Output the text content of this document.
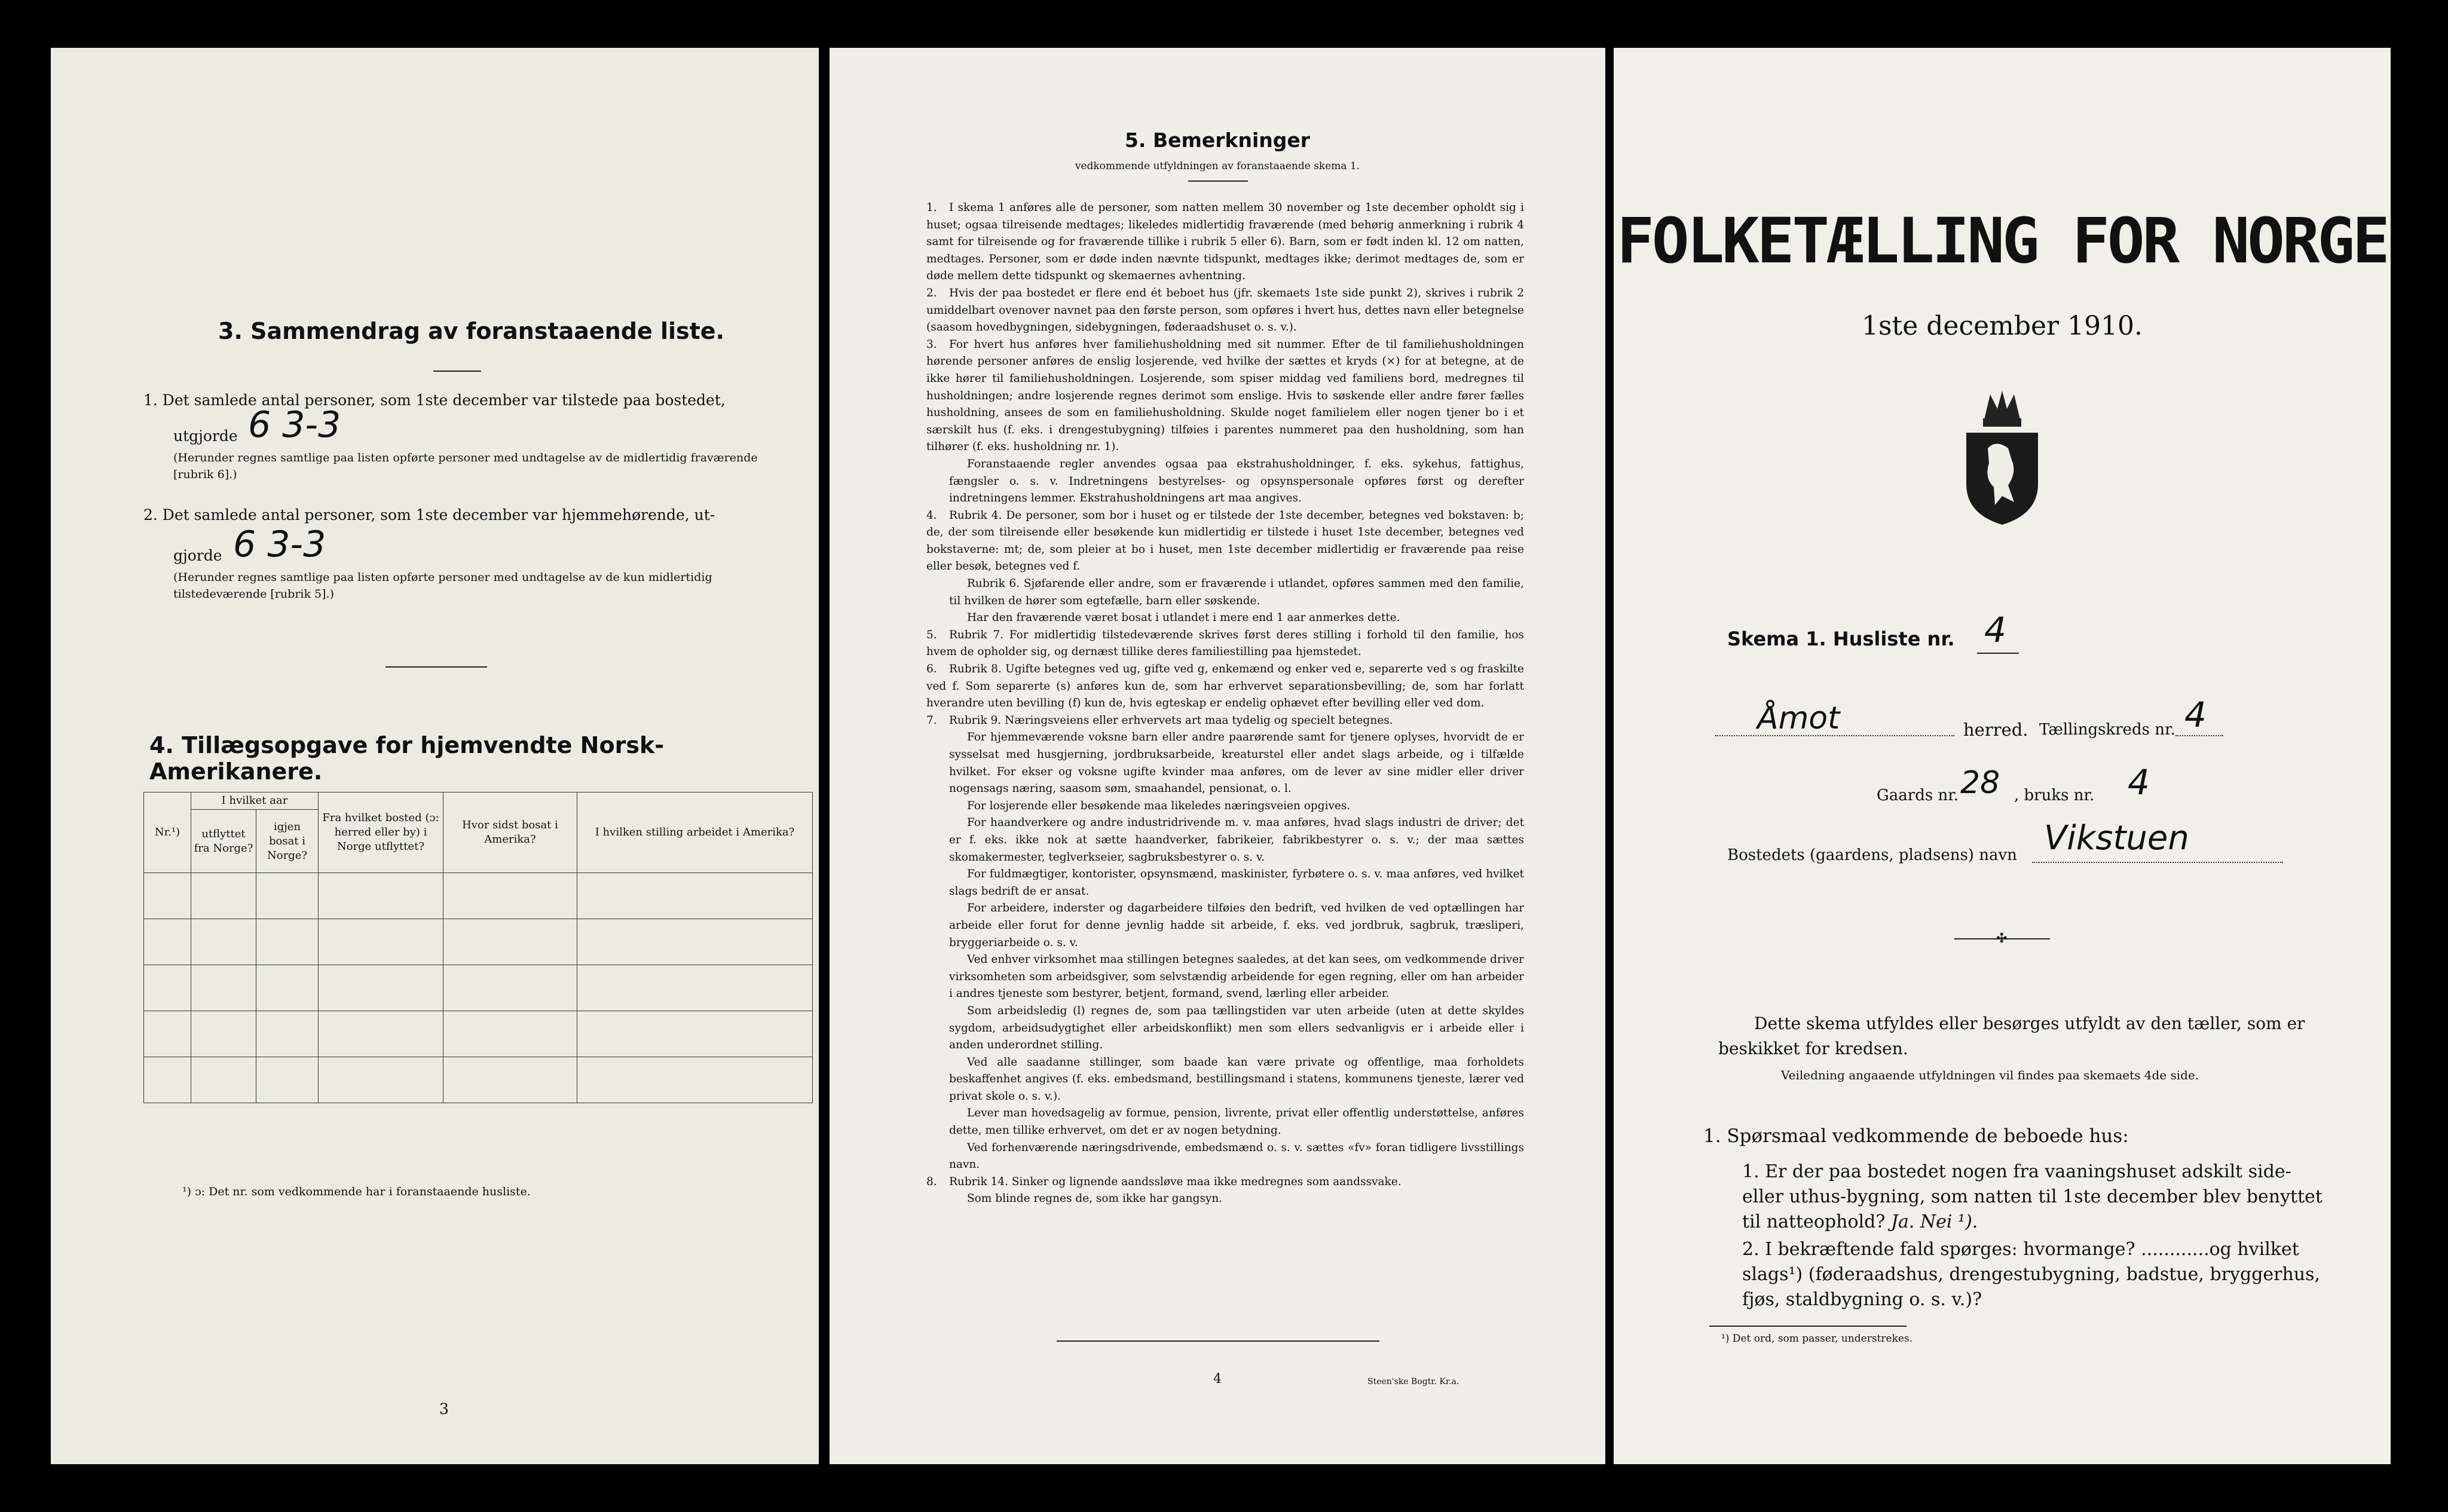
3. Sammendrag av foranstaaende liste.
1. Det samlede antal personer, som 1ste december var tilstede paa bostedet,
utgjorde 6 3-3
(Herunder regnes samtlige paa listen opførte personer med undtagelse av de midlertidig fraværende [rubrik 6].)
2. Det samlede antal personer, som 1ste december var hjemmehørende, ut-
gjorde 6 3-3
(Herunder regnes samtlige paa listen opførte personer med undtagelse av de kun midlertidig tilstedeværende [rubrik 5].)
4. Tillægsopgave for hjemvendte Norsk-Amerikanere.
Nr.¹)	I hvilket aar		Fra hvilket bosted (ɔ: herred eller by) i Norge utflyttet?	Hvor sidst bosat i Amerika?	I hvilken stilling arbeidet i Amerika?
	utflyttet fra Norge?	igjen bosat i Norge?			

¹) ɔ: Det nr. som vedkommende har i foranstaaende husliste.
3
5. Bemerkninger
vedkommende utfyldningen av foranstaaende skema 1.

1. I skema 1 anføres alle de personer, som natten mellem 30 november og 1ste december opholdt sig i huset; ogsaa tilreisende medtages; likeledes midlertidig fraværende (med behørig anmerkning i rubrik 4 samt for tilreisende og for fraværende tillike i rubrik 5 eller 6). Barn, som er født inden kl. 12 om natten, medtages. Personer, som er døde inden nævnte tidspunkt, medtages ikke; derimot medtages de, som er døde mellem dette tidspunkt og skemaernes avhentning.

2. Hvis der paa bostedet er flere end ét beboet hus (jfr. skemaets 1ste side punkt 2), skrives i rubrik 2 umiddelbart ovenover navnet paa den første person, som opføres i hvert hus, dettes navn eller betegnelse (saasom hovedbygningen, sidebygningen, føderaadshuset o. s. v.).

3. For hvert hus anføres hver familiehusholdning med sit nummer. Efter de til familiehusholdningen hørende personer anføres de enslig losjerende, ved hvilke der sættes et kryds (×) for at betegne, at de ikke hører til familiehusholdningen. Losjerende, som spiser middag ved familiens bord, medregnes til husholdningen; andre losjerende regnes derimot som enslige. Hvis to søskende eller andre fører fælles husholdning, ansees de som en familiehusholdning. Skulde noget familielem eller nogen tjener bo i et særskilt hus (f. eks. i drengestubygning) tilføies i parentes nummeret paa den husholdning, som han tilhører (f. eks. husholdning nr. 1).

Foranstaaende regler anvendes ogsaa paa ekstrahusholdninger, f. eks. sykehus, fattighus, fængsler o. s. v. Indretningens bestyrelses- og opsynspersonale opføres først og derefter indretningens lemmer. Ekstrahusholdningens art maa angives.

4. Rubrik 4. De personer, som bor i huset og er tilstede der 1ste december, betegnes ved bokstaven: b; de, der som tilreisende eller besøkende kun midlertidig er tilstede i huset 1ste december, betegnes ved bokstaverne: mt; de, som pleier at bo i huset, men 1ste december midlertidig er fraværende paa reise eller besøk, betegnes ved f.

Rubrik 6. Sjøfarende eller andre, som er fraværende i utlandet, opføres sammen med den familie, til hvilken de hører som egtefælle, barn eller søskende.

Har den fraværende været bosat i utlandet i mere end 1 aar anmerkes dette.

5. Rubrik 7. For midlertidig tilstedeværende skrives først deres stilling i forhold til den familie, hos hvem de opholder sig, og dernæst tillike deres familiestilling paa hjemstedet.

6. Rubrik 8. Ugifte betegnes ved ug, gifte ved g, enkemænd og enker ved e, separerte ved s og fraskilte ved f. Som separerte (s) anføres kun de, som har erhvervet separationsbevilling; de, som har forlatt hverandre uten bevilling (f) kun de, hvis egteskap er endelig ophævet efter bevilling eller ved dom.

7. Rubrik 9. Næringsveiens eller erhvervets art maa tydelig og specielt betegnes.

For hjemmeværende voksne barn eller andre paarørende samt for tjenere oplyses, hvorvidt de er sysselsat med husgjerning, jordbruksarbeide, kreaturstel eller andet slags arbeide, og i tilfælde hvilket. For ekser og voksne ugifte kvinder maa anføres, om de lever av sine midler eller driver nogensags næring, saasom søm, smaahandel, pensionat, o. l.

For losjerende eller besøkende maa likeledes næringsveien opgives.

For haandverkere og andre industridrivende m. v. maa anføres, hvad slags industri de driver; det er f. eks. ikke nok at sætte haandverker, fabrikeier, fabrikbestyrer o. s. v.; der maa sættes skomakermester, teglverkseier, sagbruksbestyrer o. s. v.

For fuldmægtiger, kontorister, opsynsmænd, maskinister, fyrbøtere o. s. v. maa anføres, ved hvilket slags bedrift de er ansat.

For arbeidere, inderster og dagarbeidere tilføies den bedrift, ved hvilken de ved optællingen har arbeide eller forut for denne jevnlig hadde sit arbeide, f. eks. ved jordbruk, sagbruk, træsliperi, bryggeriarbeide o. s. v.

Ved enhver virksomhet maa stillingen betegnes saaledes, at det kan sees, om vedkommende driver virksomheten som arbeidsgiver, som selvstændig arbeidende for egen regning, eller om han arbeider i andres tjeneste som bestyrer, betjent, formand, svend, lærling eller arbeider.

Som arbeidsledig (l) regnes de, som paa tællingstiden var uten arbeide (uten at dette skyldes sygdom, arbeidsudygtighet eller arbeidskonflikt) men som ellers sedvanligvis er i arbeide eller i anden underordnet stilling.

Ved alle saadanne stillinger, som baade kan være private og offentlige, maa forholdets beskaffenhet angives (f. eks. embedsmand, bestillingsmand i statens, kommunens tjeneste, lærer ved privat skole o. s. v.).

Lever man hovedsagelig av formue, pension, livrente, privat eller offentlig understøttelse, anføres dette, men tillike erhvervet, om det er av nogen betydning.

Ved forhenværende næringsdrivende, embedsmænd o. s. v. sættes «fv» foran tidligere livsstillings navn.

8. Rubrik 14. Sinker og lignende aandssløve maa ikke medregnes som aandssvake.

Som blinde regnes de, som ikke har gangsyn.

4	Steen'ske Bogtr. Kr.a.
FOLKETÆLLING FOR NORGE
1ste december 1910.
Skema 1. Husliste nr. 4
Åmot	herred. Tællingskreds nr. 4
Gaards nr. 28 , bruks nr. 4
Bostedets (gaardens, pladsens) navn Vikstuen
✣
Dette skema utfyldes eller besørges utfyldt av den tæller, som er beskikket for kredsen.
Veiledning angaaende utfyldningen vil findes paa skemaets 4de side.
1. Spørsmaal vedkommende de beboede hus:
1. Er der paa bostedet nogen fra vaaningshuset adskilt side- eller uthus-bygning, som natten til 1ste december blev benyttet til natteophold? Ja. Nei ¹).
2. I bekræftende fald spørges: hvormange? ............og hvilket slags¹) (føderaadshus, drengestubygning, badstue, bryggerhus, fjøs, staldbygning o. s. v.)?
¹) Det ord, som passer, understrekes.
